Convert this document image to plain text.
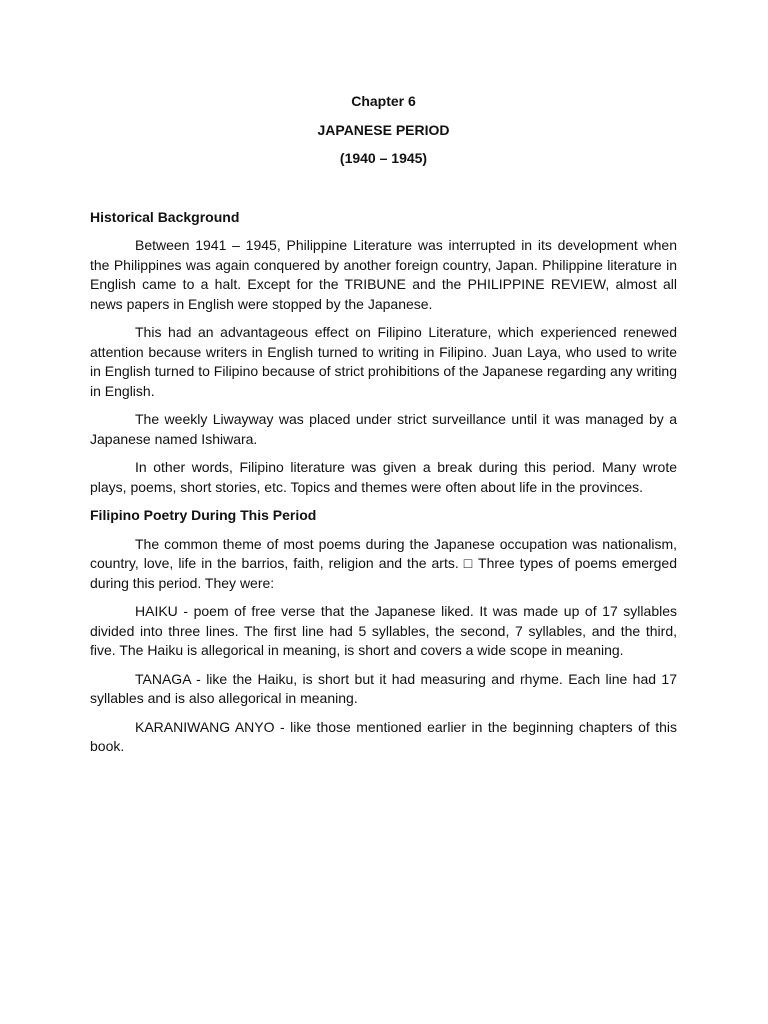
Chapter 6

JAPANESE PERIOD

(1940 – 1945)

Historical Background

Between 1941 – 1945, Philippine Literature was interrupted in its development when the Philippines was again conquered by another foreign country, Japan. Philippine literature in English came to a halt. Except for the TRIBUNE and the PHILIPPINE REVIEW, almost all news papers in English were stopped by the Japanese.

This had an advantageous effect on Filipino Literature, which experienced renewed attention because writers in English turned to writing in Filipino. Juan Laya, who used to write in English turned to Filipino because of strict prohibitions of the Japanese regarding any writing in English.

The weekly Liwayway was placed under strict surveillance until it was managed by a Japanese named Ishiwara.

In other words, Filipino literature was given a break during this period. Many wrote plays, poems, short stories, etc. Topics and themes were often about life in the provinces.

Filipino Poetry During This Period

The common theme of most poems during the Japanese occupation was nationalism, country, love, life in the barrios, faith, religion and the arts. □ Three types of poems emerged during this period. They were:

HAIKU - poem of free verse that the Japanese liked. It was made up of 17 syllables divided into three lines. The first line had 5 syllables, the second, 7 syllables, and the third, five. The Haiku is allegorical in meaning, is short and covers a wide scope in meaning.

TANAGA - like the Haiku, is short but it had measuring and rhyme. Each line had 17 syllables and is also allegorical in meaning.

KARANIWANG ANYO - like those mentioned earlier in the beginning chapters of this book.
